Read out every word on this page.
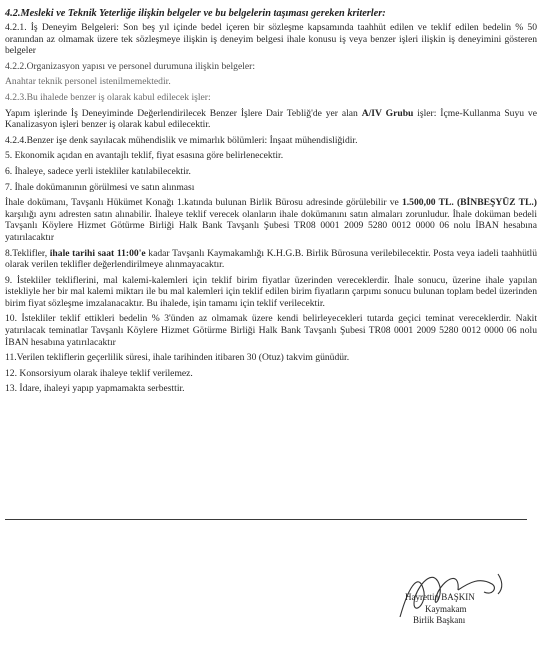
4.2.Mesleki ve Teknik Yeterliğe ilişkin belgeler ve bu belgelerin taşıması gereken kriterler:
4.2.1. İş Deneyim Belgeleri: Son beş yıl içinde bedel içeren bir sözleşme kapsamında taahhüt edilen ve teklif edilen bedelin % 50 oranından az olmamak üzere tek sözleşmeye ilişkin iş deneyim belgesi ihale konusu iş veya benzer işleri ilişkin iş deneyimini gösteren belgeler
4.2.2.Organizasyon yapısı ve personel durumuna ilişkin belgeler:
Anahtar teknik personel istenilmemektedir.
4.2.3.Bu ihalede benzer iş olarak kabul edilecek işler:
Yapım işlerinde İş Deneyiminde Değerlendirilecek Benzer İşlere Dair Tebliğ'de yer alan A/IV Grubu işler: İçme-Kullanma Suyu ve Kanalizasyon işleri benzer iş olarak kabul edilecektir.
4.2.4.Benzer işe denk sayılacak mühendislik ve mimarlık bölümleri: İnşaat mühendisliğidir.
5. Ekonomik açıdan en avantajlı teklif, fiyat esasına göre belirlenecektir.
6. İhaleye, sadece yerli istekliler katılabilecektir.
7. İhale dokümanının görülmesi ve satın alınması
İhale dokümanı, Tavşanlı Hükümet Konağı 1.katında bulunan Birlik Bürosu adresinde görülebilir ve 1.500,00 TL. (BİNBEŞYÜZ TL.) karşılığı aynı adresten satın alınabilir. İhaleye teklif verecek olanların ihale dokümanını satın almaları zorunludur. İhale doküman bedeli Tavşanlı Köylere Hizmet Götürme Birliği Halk Bank Tavşanlı Şubesi TR08 0001 2009 5280 0012 0000 06 nolu İBAN hesabına yatırılacaktır
8.Teklifler, ihale tarihi saat 11:00'e kadar Tavşanlı Kaymakamlığı K.H.G.B. Birlik Bürosuna verilebilecektir. Posta veya iadeli taahhütlü olarak verilen teklifler değerlendirilmeye alınmayacaktır.
9. İstekliler tekliflerini, mal kalemi-kalemleri için teklif birim fiyatlar üzerinden vereceklerdir. İhale sonucu, üzerine ihale yapılan istekliyle her bir mal kalemi miktarı ile bu mal kalemleri için teklif edilen birim fiyatların çarpımı sonucu bulunan toplam bedel üzerinden birim fiyat sözleşme imzalanacaktır. Bu ihalede, işin tamamı için teklif verilecektir.
10. İstekliler teklif ettikleri bedelin % 3'ünden az olmamak üzere kendi belirleyecekleri tutarda geçici teminat vereceklerdir. Nakit yatırılacak teminatlar Tavşanlı Köylere Hizmet Götürme Birliği Halk Bank Tavşanlı Şubesi TR08 0001 2009 5280 0012 0000 06 nolu İBAN hesabına yatırılacaktır
11.Verilen tekliflerin geçerlilik süresi, ihale tarihinden itibaren 30 (Otuz) takvim günüdür.
12. Konsorsiyum olarak ihaleye teklif verilemez.
13. İdare, ihaleyi yapıp yapmamakta serbesttir.
Hayrettin BAŞKIN
Kaymakam
Birlik Başkanı
